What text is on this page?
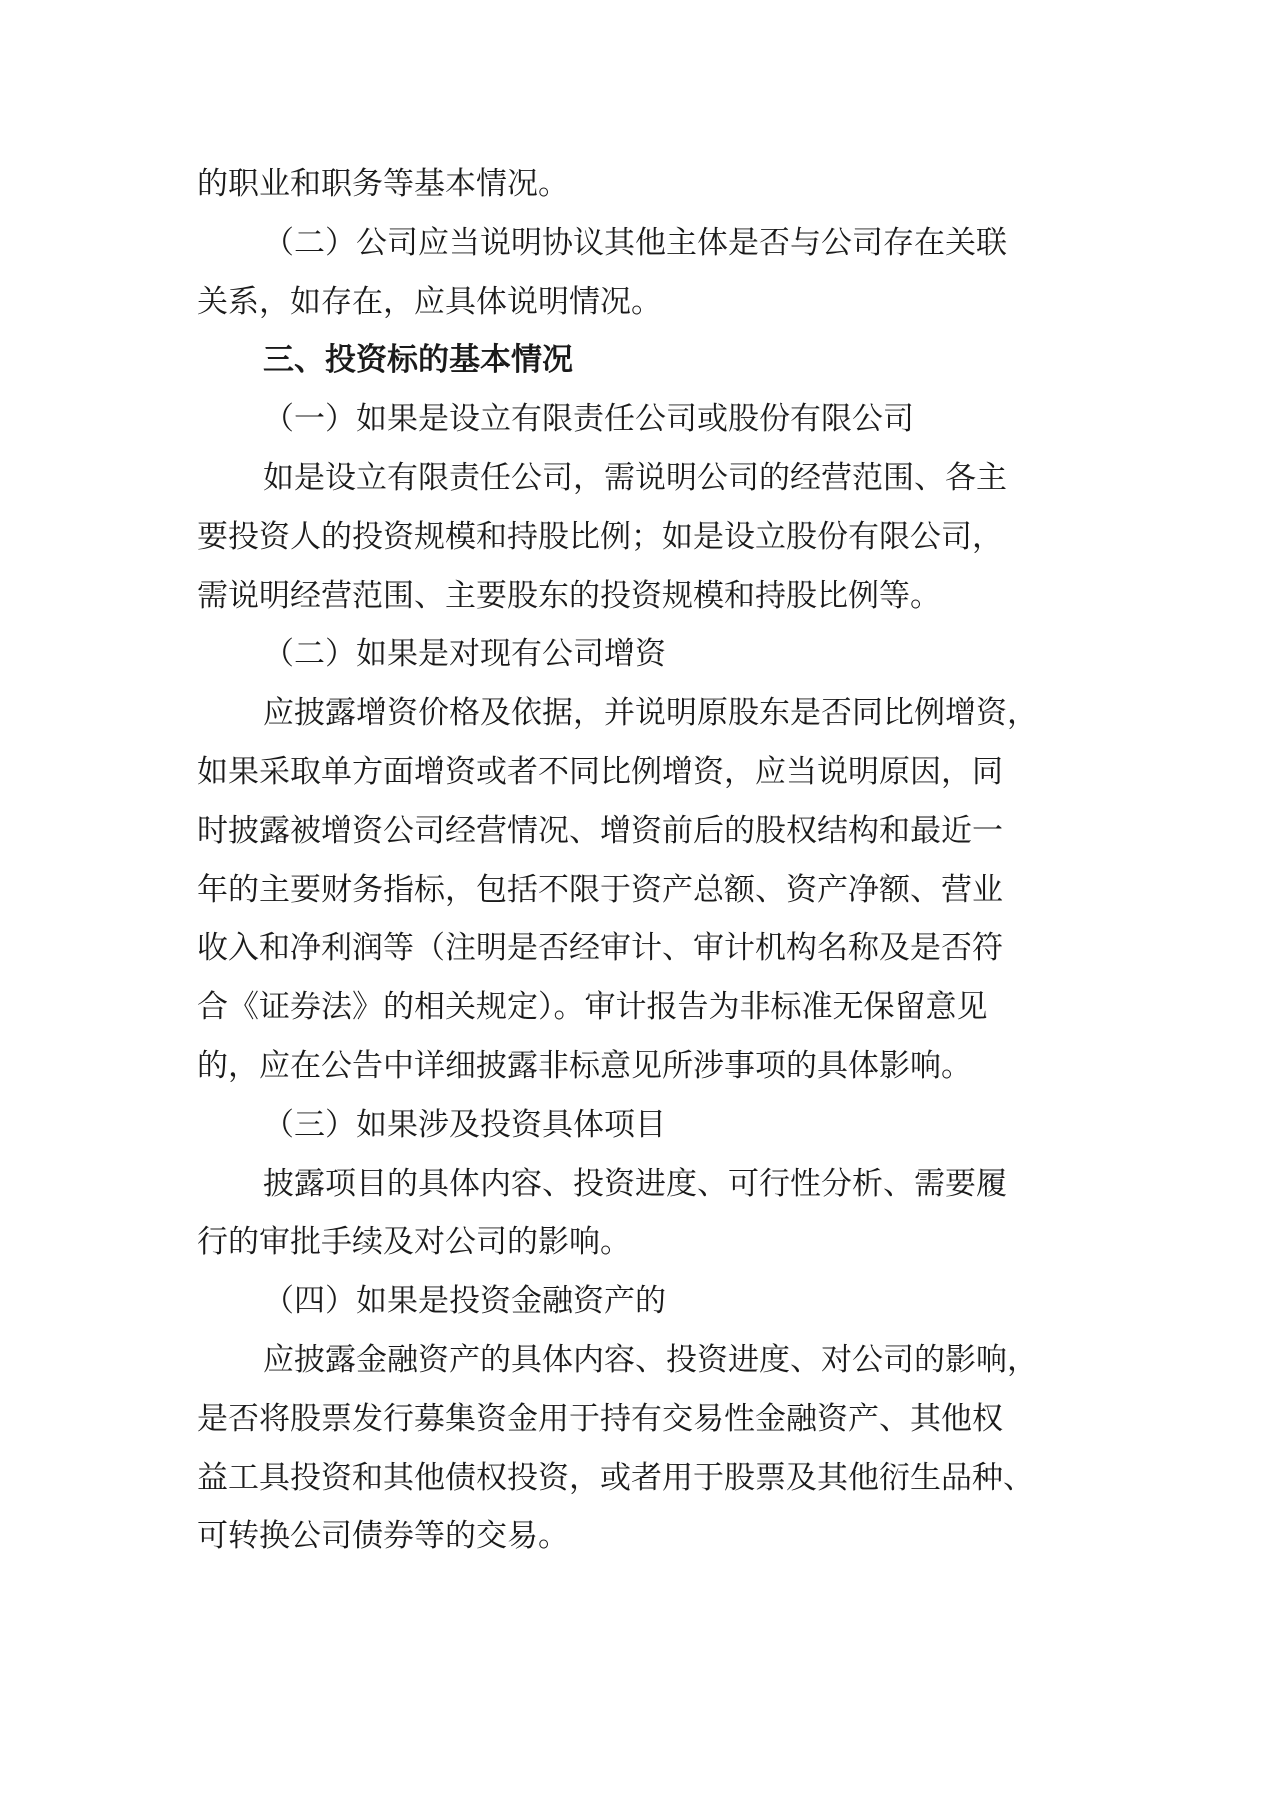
的职业和职务等基本情况。
（二）公司应当说明协议其他主体是否与公司存在关联
关系，如存在，应具体说明情况。
三、投资标的基本情况
（一）如果是设立有限责任公司或股份有限公司
如是设立有限责任公司，需说明公司的经营范围、各主
要投资人的投资规模和持股比例；如是设立股份有限公司，
需说明经营范围、主要股东的投资规模和持股比例等。
（二）如果是对现有公司增资
应披露增资价格及依据，并说明原股东是否同比例增资，
如果采取单方面增资或者不同比例增资，应当说明原因，同
时披露被增资公司经营情况、增资前后的股权结构和最近一
年的主要财务指标，包括不限于资产总额、资产净额、营业
收入和净利润等（注明是否经审计、审计机构名称及是否符
合《证券法》的相关规定）。审计报告为非标准无保留意见
的，应在公告中详细披露非标意见所涉事项的具体影响。
（三）如果涉及投资具体项目
披露项目的具体内容、投资进度、可行性分析、需要履
行的审批手续及对公司的影响。
（四）如果是投资金融资产的
应披露金融资产的具体内容、投资进度、对公司的影响，
是否将股票发行募集资金用于持有交易性金融资产、其他权
益工具投资和其他债权投资，或者用于股票及其他衍生品种、
可转换公司债券等的交易。
